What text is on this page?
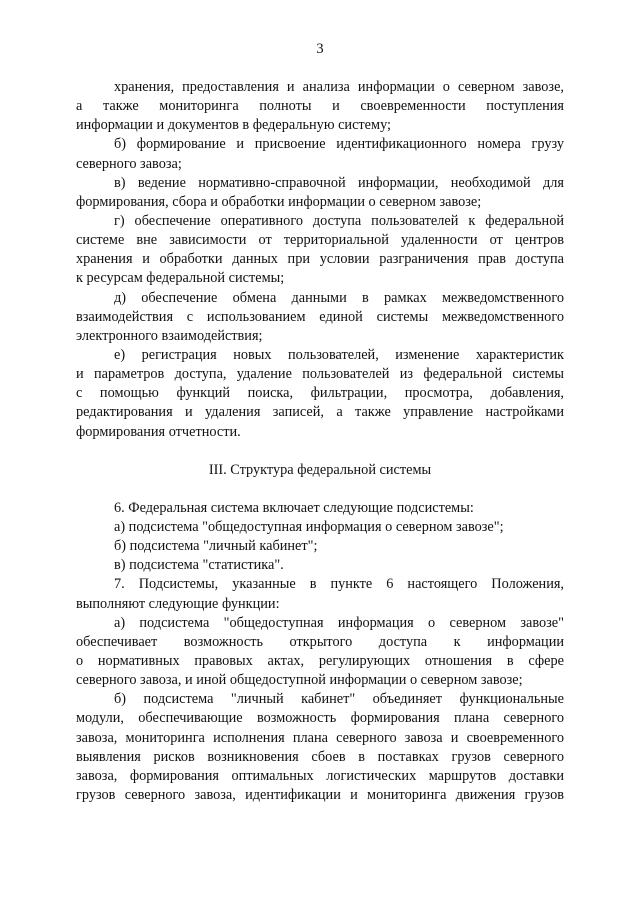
3
хранения, предоставления и анализа информации о северном завозе,
а также мониторинга полноты и своевременности поступления
информации и документов в федеральную систему;
б) формирование и присвоение идентификационного номера грузу
северного завоза;
в) ведение нормативно-справочной информации, необходимой для
формирования, сбора и обработки информации о северном завозе;
г) обеспечение оперативного доступа пользователей к федеральной
системе вне зависимости от территориальной удаленности от центров
хранения и обработки данных при условии разграничения прав доступа
к ресурсам федеральной системы;
д) обеспечение обмена данными в рамках межведомственного
взаимодействия с использованием единой системы межведомственного
электронного взаимодействия;
е) регистрация новых пользователей, изменение характеристик
и параметров доступа, удаление пользователей из федеральной системы
с помощью функций поиска, фильтрации, просмотра, добавления,
редактирования и удаления записей, а также управление настройками
формирования отчетности.
III. Структура федеральной системы
6. Федеральная система включает следующие подсистемы:
а) подсистема "общедоступная информация о северном завозе";
б) подсистема "личный кабинет";
в) подсистема "статистика".
7. Подсистемы, указанные в пункте 6 настоящего Положения,
выполняют следующие функции:
а) подсистема "общедоступная информация о северном завозе"
обеспечивает возможность открытого доступа к информации
о нормативных правовых актах, регулирующих отношения в сфере
северного завоза, и иной общедоступной информации о северном завозе;
б) подсистема "личный кабинет" объединяет функциональные
модули, обеспечивающие возможность формирования плана северного
завоза, мониторинга исполнения плана северного завоза и своевременного
выявления рисков возникновения сбоев в поставках грузов северного
завоза, формирования оптимальных логистических маршрутов доставки
грузов северного завоза, идентификации и мониторинга движения грузов
